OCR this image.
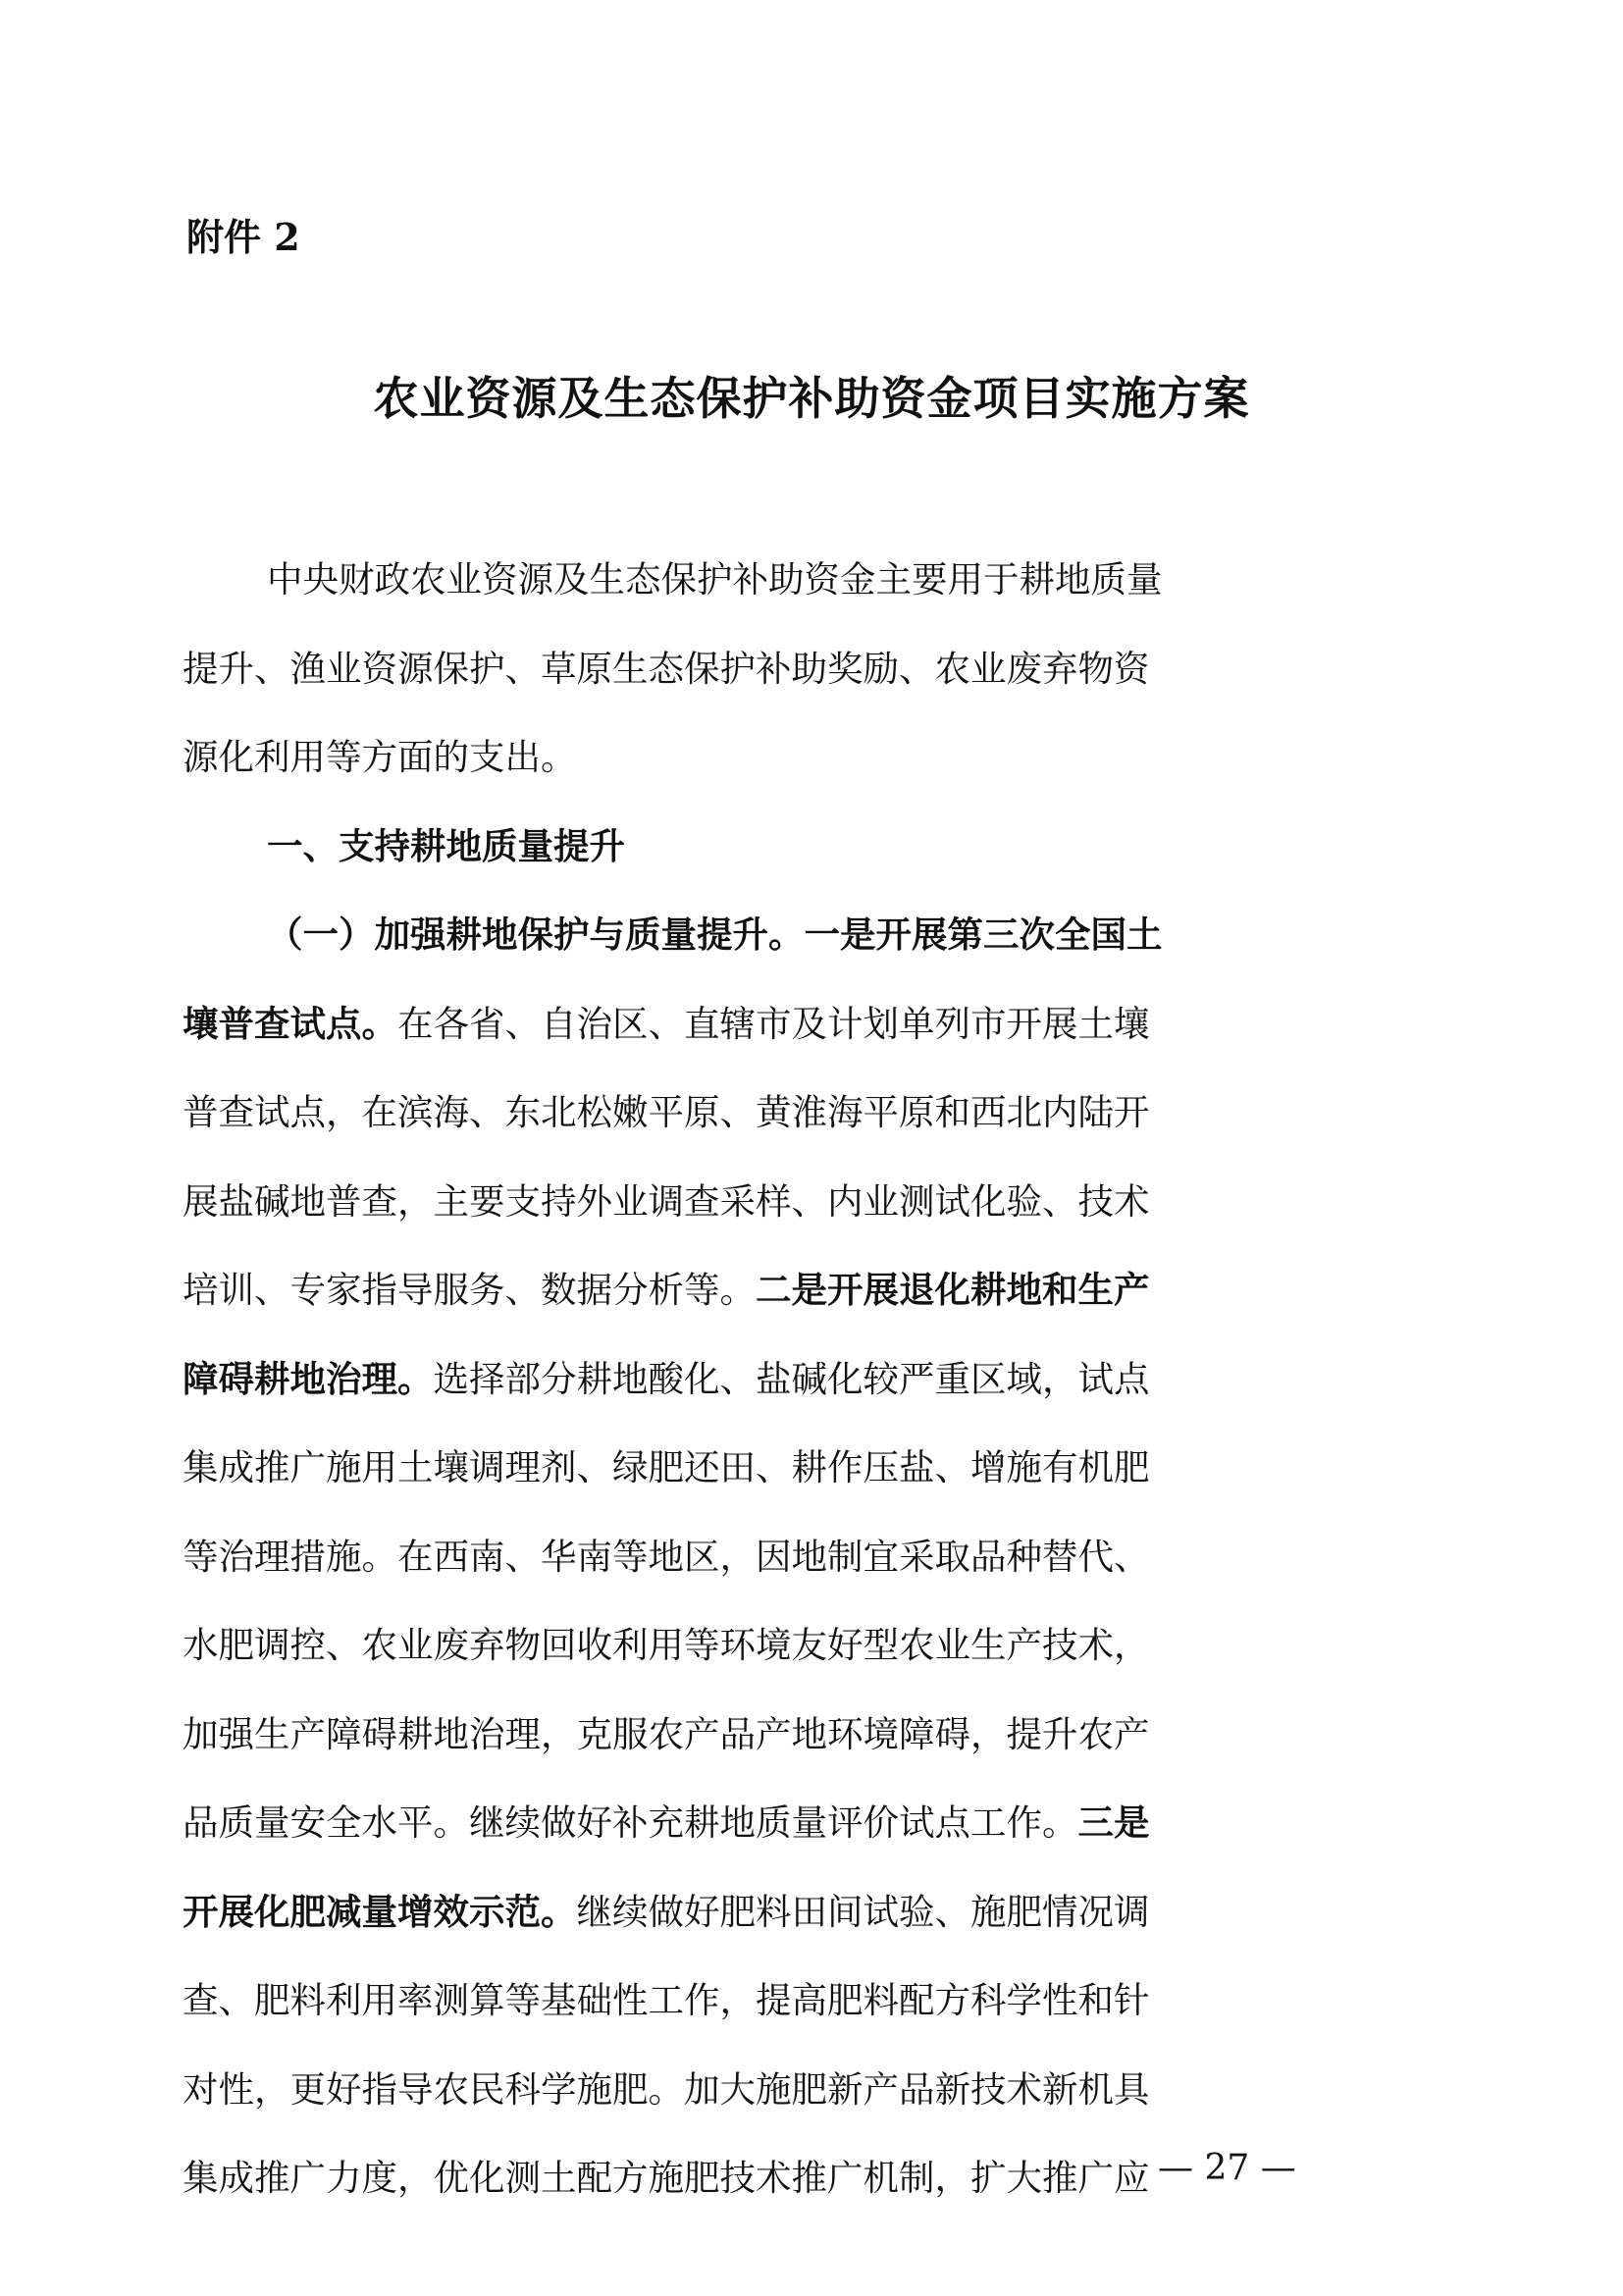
附件 2
农业资源及生态保护补助资金项目实施方案
中央财政农业资源及生态保护补助资金主要用于耕地质量
提升、渔业资源保护、草原生态保护补助奖励、农业废弃物资
源化利用等方面的支出。
一、支持耕地质量提升
（一）加强耕地保护与质量提升。一是开展第三次全国土
壤普查试点。在各省、自治区、直辖市及计划单列市开展土壤
普查试点，在滨海、东北松嫩平原、黄淮海平原和西北内陆开
展盐碱地普查，主要支持外业调查采样、内业测试化验、技术
培训、专家指导服务、数据分析等。二是开展退化耕地和生产
障碍耕地治理。选择部分耕地酸化、盐碱化较严重区域，试点
集成推广施用土壤调理剂、绿肥还田、耕作压盐、增施有机肥
等治理措施。在西南、华南等地区，因地制宜采取品种替代、
水肥调控、农业废弃物回收利用等环境友好型农业生产技术，
加强生产障碍耕地治理，克服农产品产地环境障碍，提升农产
品质量安全水平。继续做好补充耕地质量评价试点工作。三是
开展化肥减量增效示范。继续做好肥料田间试验、施肥情况调
查、肥料利用率测算等基础性工作，提高肥料配方科学性和针
对性，更好指导农民科学施肥。加大施肥新产品新技术新机具
集成推广力度，优化测土配方施肥技术推广机制，扩大推广应 — 27 —
